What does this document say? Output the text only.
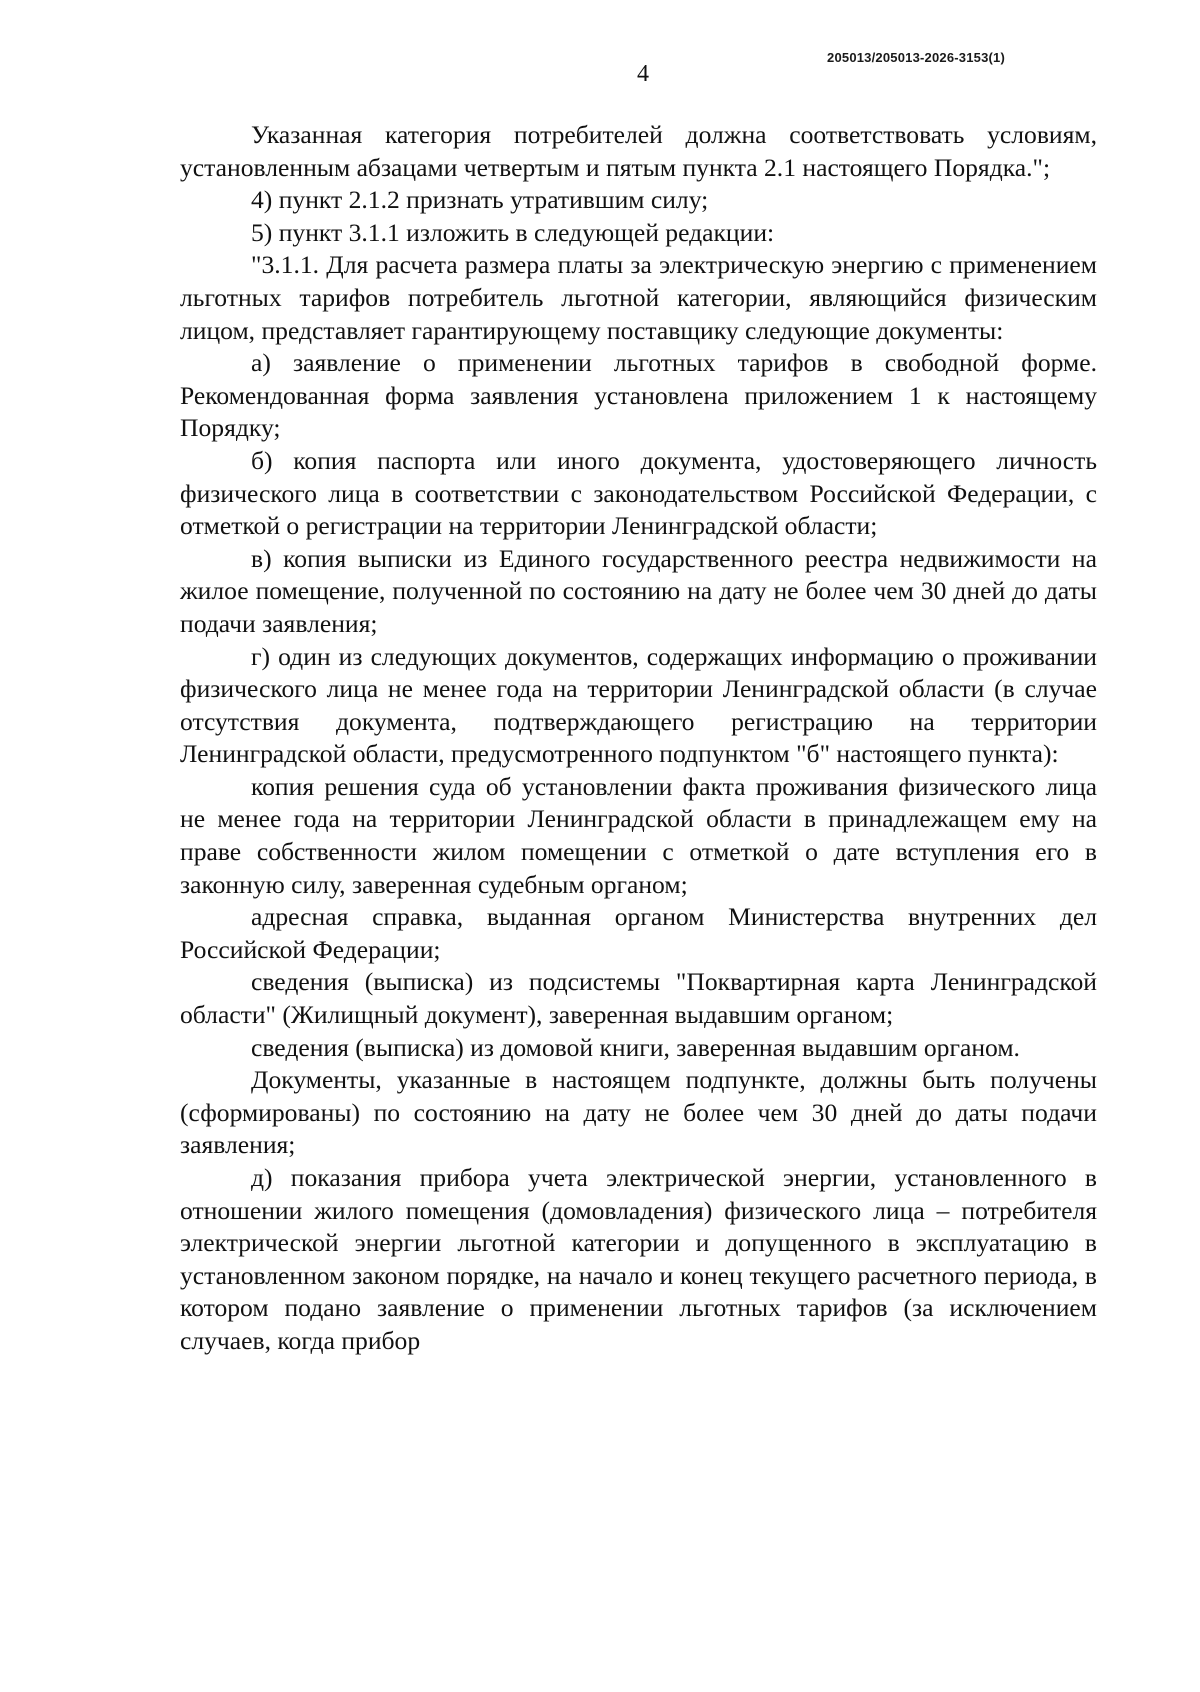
205013/205013-2026-3153(1)
4

Указанная категория потребителей должна соответствовать условиям, установленным абзацами четвертым и пятым пункта 2.1 настоящего Порядка.";

4) пункт 2.1.2 признать утратившим силу;

5) пункт 3.1.1 изложить в следующей редакции:

"3.1.1. Для расчета размера платы за электрическую энергию с применением льготных тарифов потребитель льготной категории, являющийся физическим лицом, представляет гарантирующему поставщику следующие документы:

а) заявление о применении льготных тарифов в свободной форме. Рекомендованная форма заявления установлена приложением 1 к настоящему Порядку;

б) копия паспорта или иного документа, удостоверяющего личность физического лица в соответствии с законодательством Российской Федерации, с отметкой о регистрации на территории Ленинградской области;

в) копия выписки из Единого государственного реестра недвижимости на жилое помещение, полученной по состоянию на дату не более чем 30 дней до даты подачи заявления;

г) один из следующих документов, содержащих информацию о проживании физического лица не менее года на территории Ленинградской области (в случае отсутствия документа, подтверждающего регистрацию на территории Ленинградской области, предусмотренного подпунктом "б" настоящего пункта):

копия решения суда об установлении факта проживания физического лица не менее года на территории Ленинградской области в принадлежащем ему на праве собственности жилом помещении с отметкой о дате вступления его в законную силу, заверенная судебным органом;

адресная справка, выданная органом Министерства внутренних дел Российской Федерации;

сведения (выписка) из подсистемы "Поквартирная карта Ленинградской области" (Жилищный документ), заверенная выдавшим органом;

сведения (выписка) из домовой книги, заверенная выдавшим органом.

Документы, указанные в настоящем подпункте, должны быть получены (сформированы) по состоянию на дату не более чем 30 дней до даты подачи заявления;

д) показания прибора учета электрической энергии, установленного в отношении жилого помещения (домовладения) физического лица – потребителя электрической энергии льготной категории и допущенного в эксплуатацию в установленном законом порядке, на начало и конец текущего расчетного периода, в котором подано заявление о применении льготных тарифов (за исключением случаев, когда прибор
